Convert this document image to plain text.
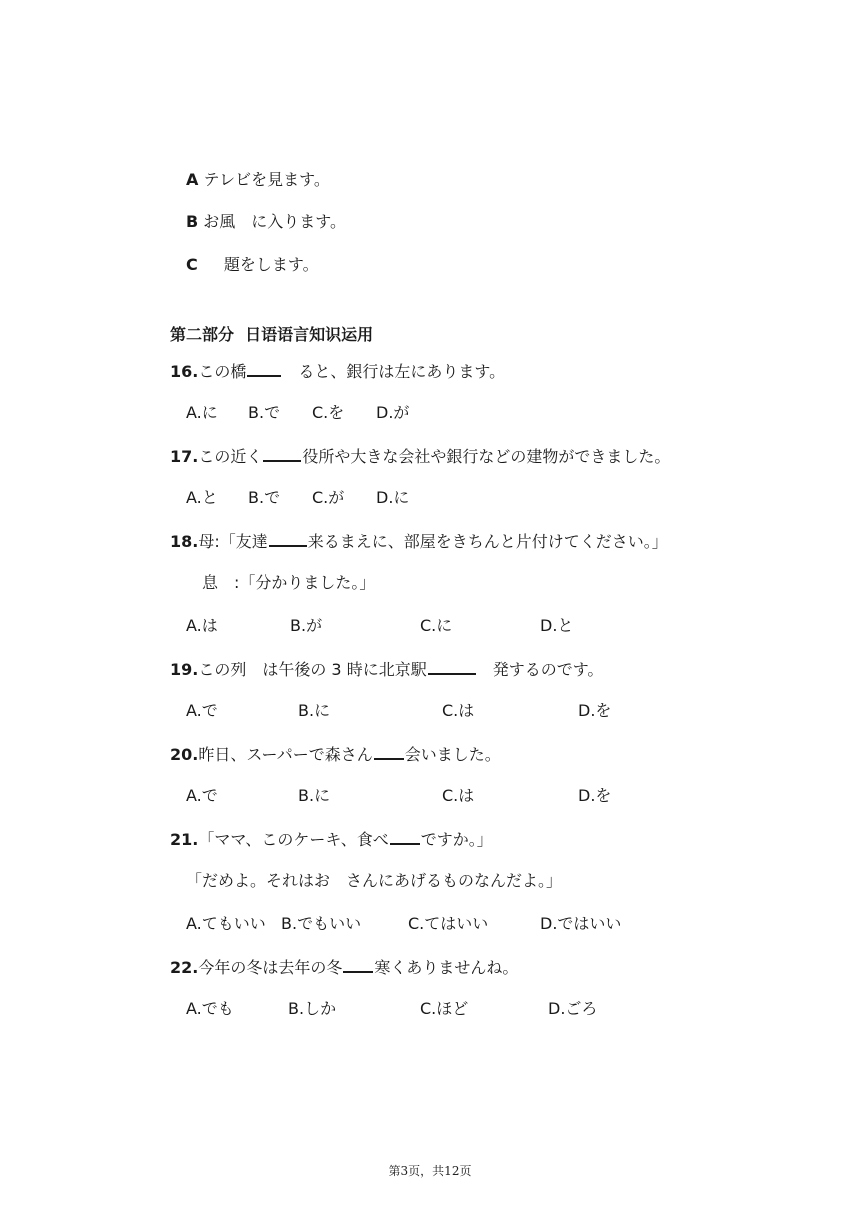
A テレビを見ます。
B お風　に入ります。
C  　題をします。
第二部分  日语语言知识运用
16.この橋　ると、銀行は左にあります。
A.に B.で C.を D.が
17.この近く	役所や大きな会社や銀行などの建物ができました。
A.と B.で C.が D.に
18.母:「友達	来るまえに、部屋をきちんと片付けてください。」
息　:「分かりました。」
A.は	B.が	C.に	D.と
19.この列　は午後の 3 時に北京駅	　発するのです。
A.で	B.に	C.は	D.を
20.昨日、スーパーで森さん 会いました。
A.で	B.に	C.は	D.を
21.「ママ、このケーキ、食べ ですか。」
「だめよ。それはお　さんにあげるものなんだよ。」
A.てもいい B.でもいい	C.てはいい	D.ではいい
22.今年の冬は去年の冬 寒くありませんね。
A.でも	B.しか	C.ほど	D.ごろ
第3页，共12页
